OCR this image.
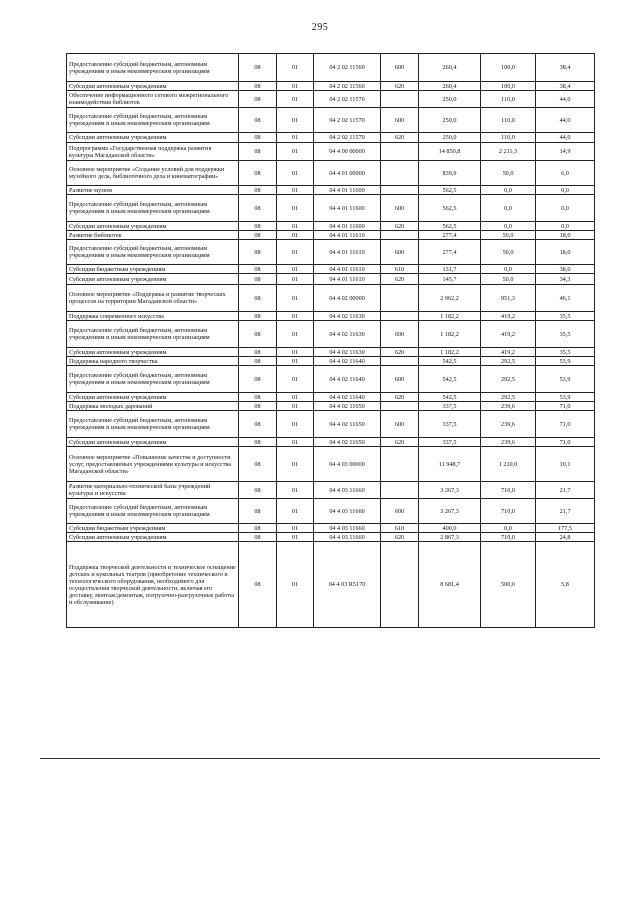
295
Предоставление субсидий бюджетным, автономным учреждениям и иным некоммерческим организациям	08	01	04 2 02 11560	600	260,4	100,0	38,4
Субсидии автономным учреждениям	08	01	04 2 02 11560	620	260,4	100,0	38,4
Обеспечение информационного сетевого межрегионального взаимодействия библиотек	08	01	04 2 02 11570		250,0	110,0	44,0
Предоставление субсидий бюджетным, автономным учреждениям и иным некоммерческим организациям	08	01	04 2 02 11570	600	250,0	110,0	44,0
Субсидии автономным учреждениям	08	01	04 2 02 11570	620	250,0	110,0	44,0
Подпрограмма «Государственная поддержка развития культуры Магаданской области»	08	01	04 4 00 00000		14 850,8	2 211,3	14,9
Основное мероприятие «Создание условий для поддержки музейного дела, библиотечного дела и кинематографии»	08	01	04 4 01 00000		839,9	50,0	6,0
Развитие музеев	08	01	04 4 01 11600		562,5	0,0	0,0
Предоставление субсидий бюджетным, автономным учреждениям и иным некоммерческим организациям	08	01	04 4 01 11600	600	562,5	0,0	0,0
Субсидии автономным учреждениям	08	01	04 4 01 11600	620	562,5	0,0	0,0
Развитие библиотек	08	01	04 4 01 11610		277,4	50,0	18,0
Предоставление субсидий бюджетным, автономным учреждениям и иным некоммерческим организациям	08	01	04 4 01 11610	600	277,4	50,0	18,0
Субсидии бюджетным учреждениям	08	01	04 4 01 11610	610	131,7	0,0	38,0
Субсидии автономным учреждениям	08	01	04 4 01 11610	620	145,7	50,0	34,3
Основное мероприятие «Поддержка и развитие творческих процессов на территории Магаданской области»	08	01	04 4 02 00000		2 062,2	951,3	46,1
Поддержка современного искусства	08	01	04 4 02 11630		1 182,2	419,2	35,5
Предоставление субсидий бюджетным, автономным учреждениям и иным некоммерческим организациям	08	01	04 4 02 11630	600	1 182,2	419,2	35,5
Субсидии автономным учреждениям	08	01	04 4 02 11630	620	1 182,2	419,2	35,5
Поддержка народного творчества	08	01	04 4 02 11640		542,5	292,5	53,9
Предоставление субсидий бюджетным, автономным учреждениям и иным некоммерческим организациям	08	01	04 4 02 11640	600	542,5	292,5	53,9
Субсидии автономным учреждениям	08	01	04 4 02 11640	620	542,5	292,5	53,9
Поддержка молодых дарований	08	01	04 4 02 11650		337,5	239,6	71,0
Предоставление субсидий бюджетным, автономным учреждениям и иным некоммерческим организациям	08	01	04 4 02 11650	600	337,5	239,6	71,0
Субсидии автономным учреждениям	08	01	04 4 02 11650	620	337,5	239,6	71,0
Основное мероприятие «Повышение качества и доступности услуг, предоставляемых учреждениями культуры и искусства Магаданской области»	08	01	04 4 03 00000		11 948,7	1 210,0	10,1
Развитие материально-технической базы учреждений культуры и искусства	08	01	04 4 03 11660		3 267,3	710,0	21,7
Предоставление субсидий бюджетным, автономным учреждениям и иным некоммерческим организациям	08	01	04 4 03 11660	600	3 267,3	710,0	21,7
Субсидии бюджетным учреждениям	08	01	04 4 03 11660	610	400,0	0,0	177,5
Субсидии автономным учреждениям	08	01	04 4 03 11660	620	2 867,3	710,0	24,8
Поддержка творческой деятельности и техническое оснащение детских и кукольных театров (приобретение технического и технологического оборудования, необходимого для осуществления творческой деятельности, включая его доставку, монтаж/демонтаж, погрузочно-разгрузочные работы и обслуживание)	08	01	04 4 03 R5170		8 681,4	500,0	5,8
